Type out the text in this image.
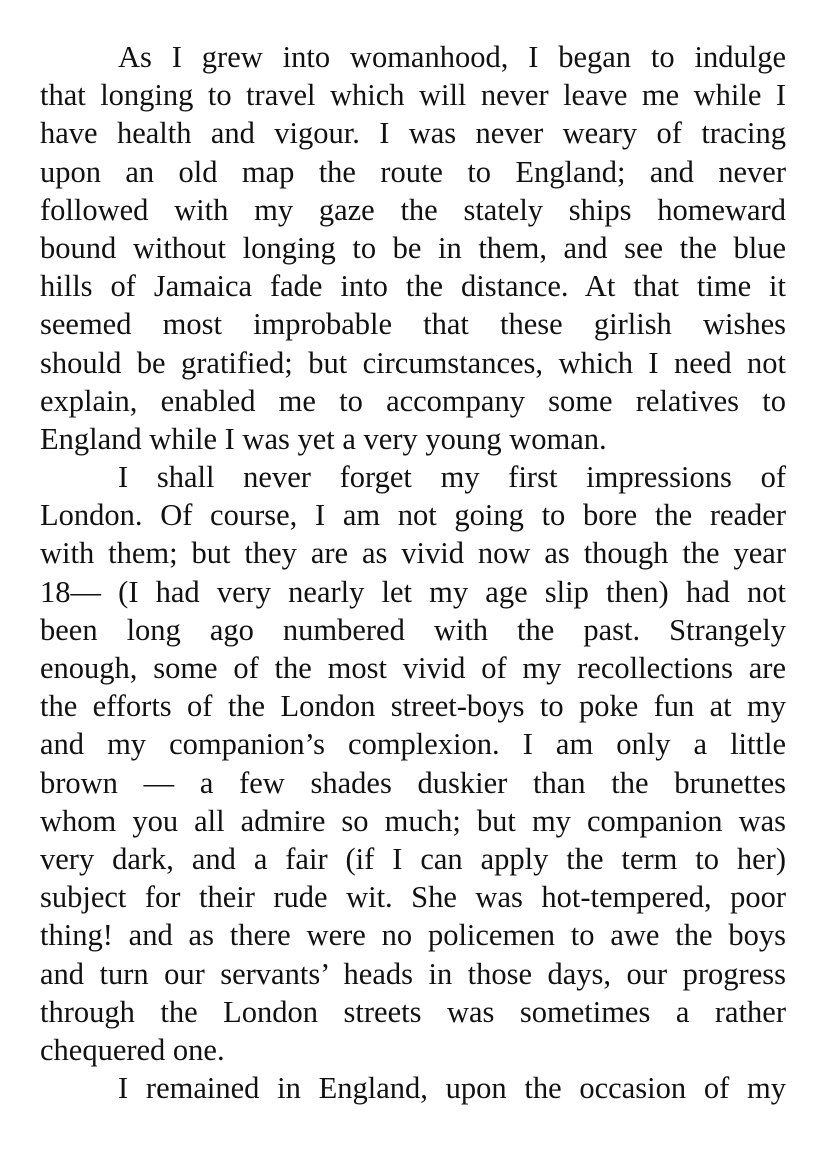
As I grew into womanhood, I began to indulge
that longing to travel which will never leave me while I
have health and vigour. I was never weary of tracing
upon an old map the route to England; and never
followed with my gaze the stately ships homeward
bound without longing to be in them, and see the blue
hills of Jamaica fade into the distance. At that time it
seemed most improbable that these girlish wishes
should be gratified; but circumstances, which I need not
explain, enabled me to accompany some relatives to
England while I was yet a very young woman.
I shall never forget my first impressions of
London. Of course, I am not going to bore the reader
with them; but they are as vivid now as though the year
18— (I had very nearly let my age slip then) had not
been long ago numbered with the past. Strangely
enough, some of the most vivid of my recollections are
the efforts of the London street-boys to poke fun at my
and my companion’s complexion. I am only a little
brown — a few shades duskier than the brunettes
whom you all admire so much; but my companion was
very dark, and a fair (if I can apply the term to her)
subject for their rude wit. She was hot-tempered, poor
thing! and as there were no policemen to awe the boys
and turn our servants’ heads in those days, our progress
through the London streets was sometimes a rather
chequered one.
I remained in England, upon the occasion of my
